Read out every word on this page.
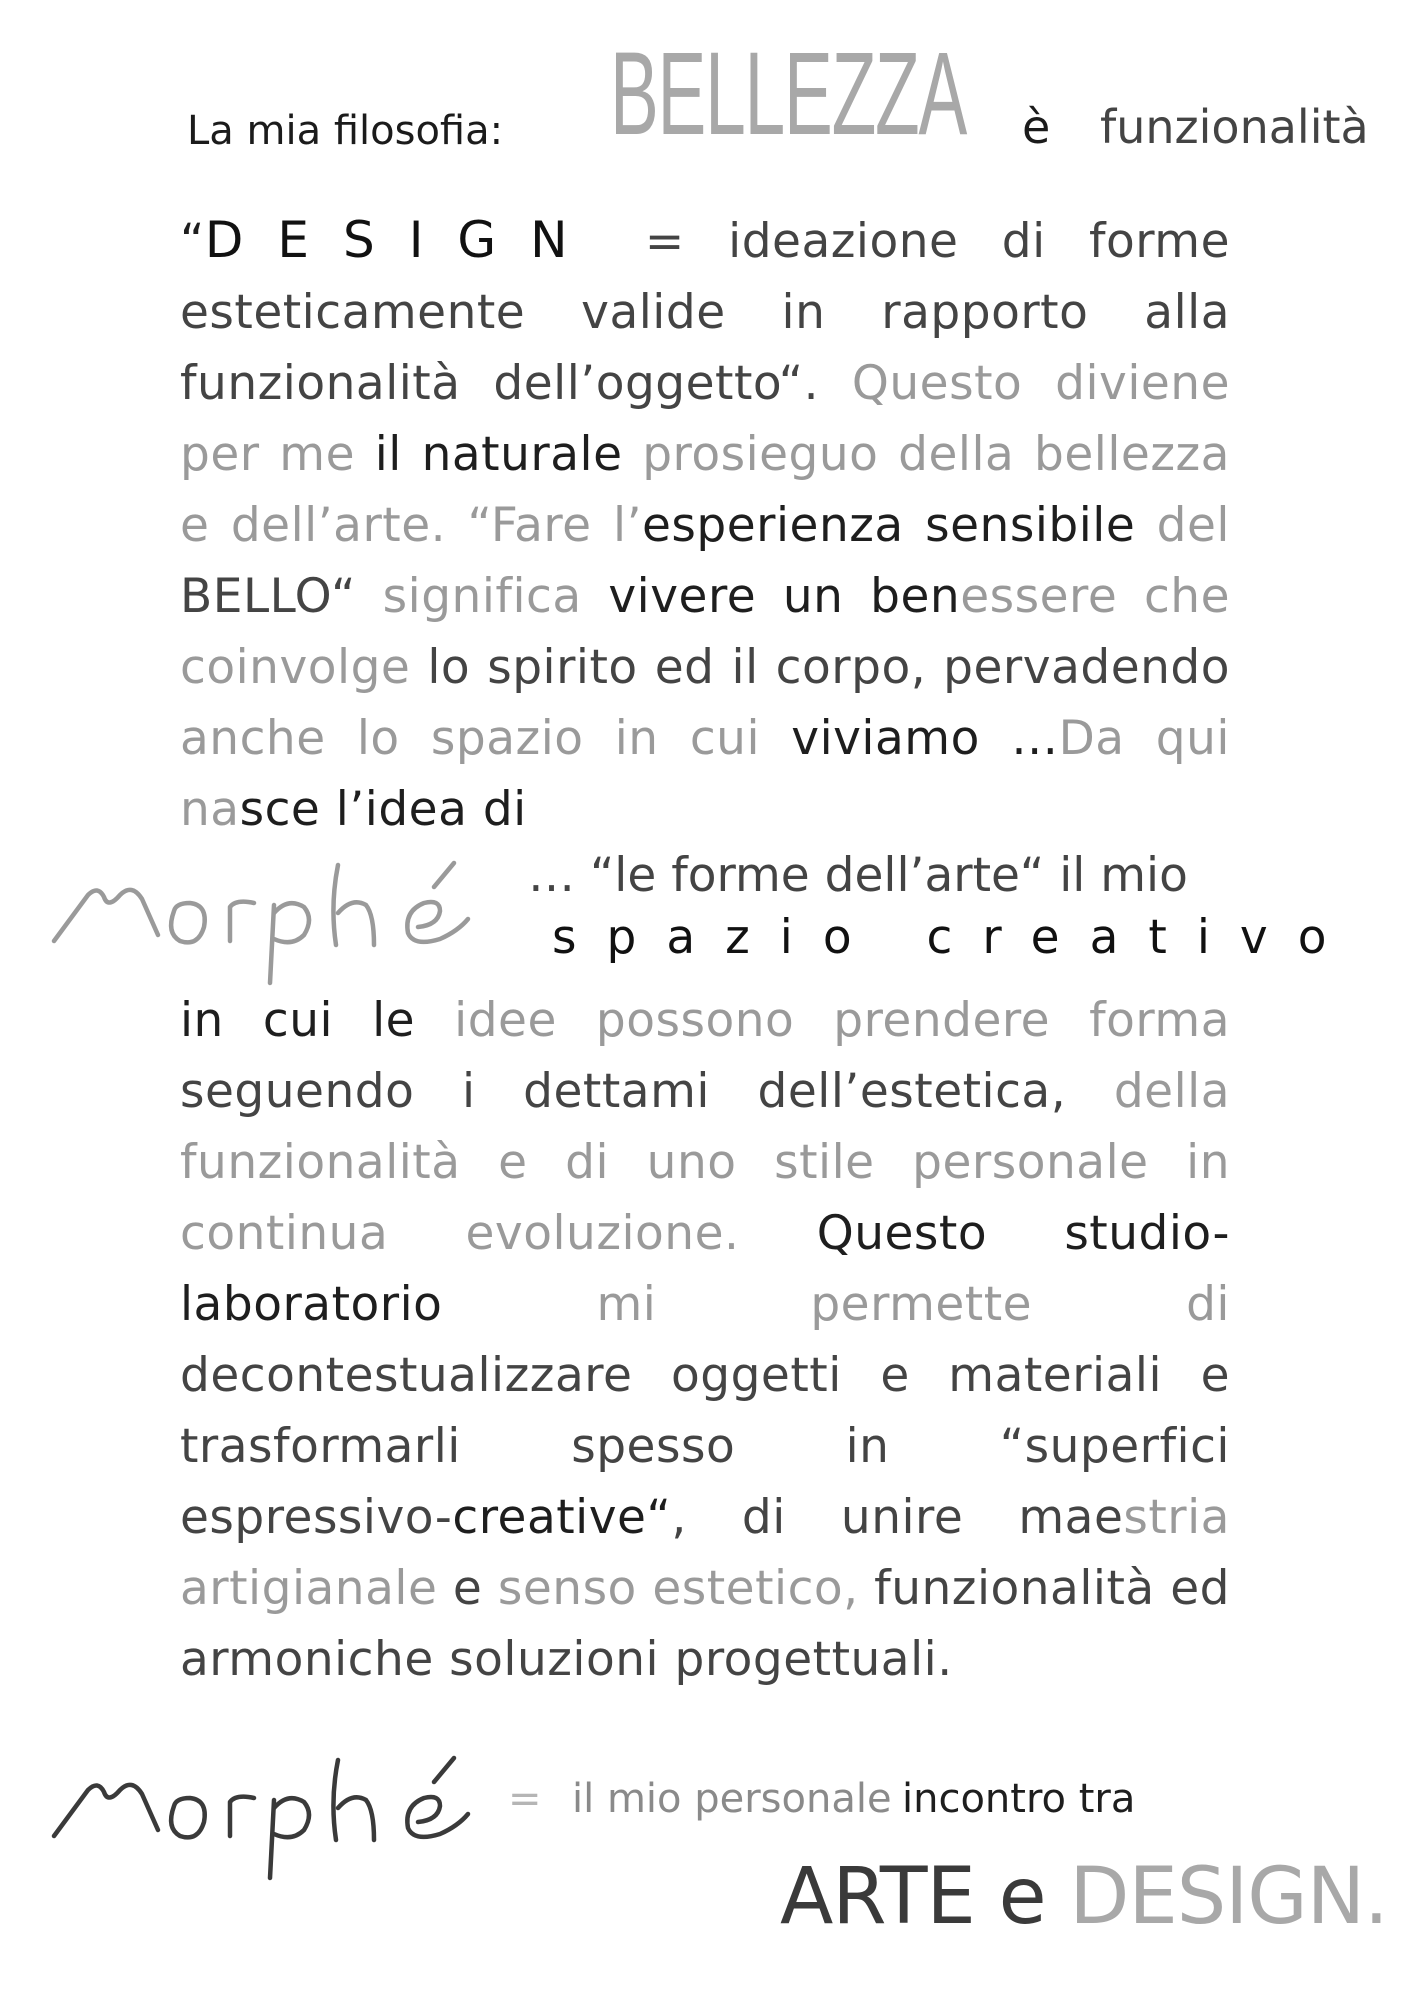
La mia filosofia: BELLEZZA è funzionalità
“DESIGN = ideazione di forme esteticamente valide in rapporto alla funzionalità dell’oggetto“. Questo diviene per me il naturale prosieguo della bellezza e dell’arte. “Fare l’esperienza sensibile del BELLO“ significa vivere un benessere che coinvolge lo spirito ed il corpo, pervadendo anche lo spazio in cui viviamo …Da qui nasce l’idea di
… “le forme dell’arte“ il mio
spazio creativo
in cui le idee possono prendere forma seguendo i dettami dell’estetica, della funzionalità e di uno stile personale in continua evoluzione. Questo studio-laboratorio mi permette di decontestualizzare oggetti e materiali e trasformarli spesso in “superfici espressivo-creative“, di unire maestria artigianale e senso estetico, funzionalità ed armoniche soluzioni progettuali.
= il mio personale incontro tra
ARTE e DESIGN.
